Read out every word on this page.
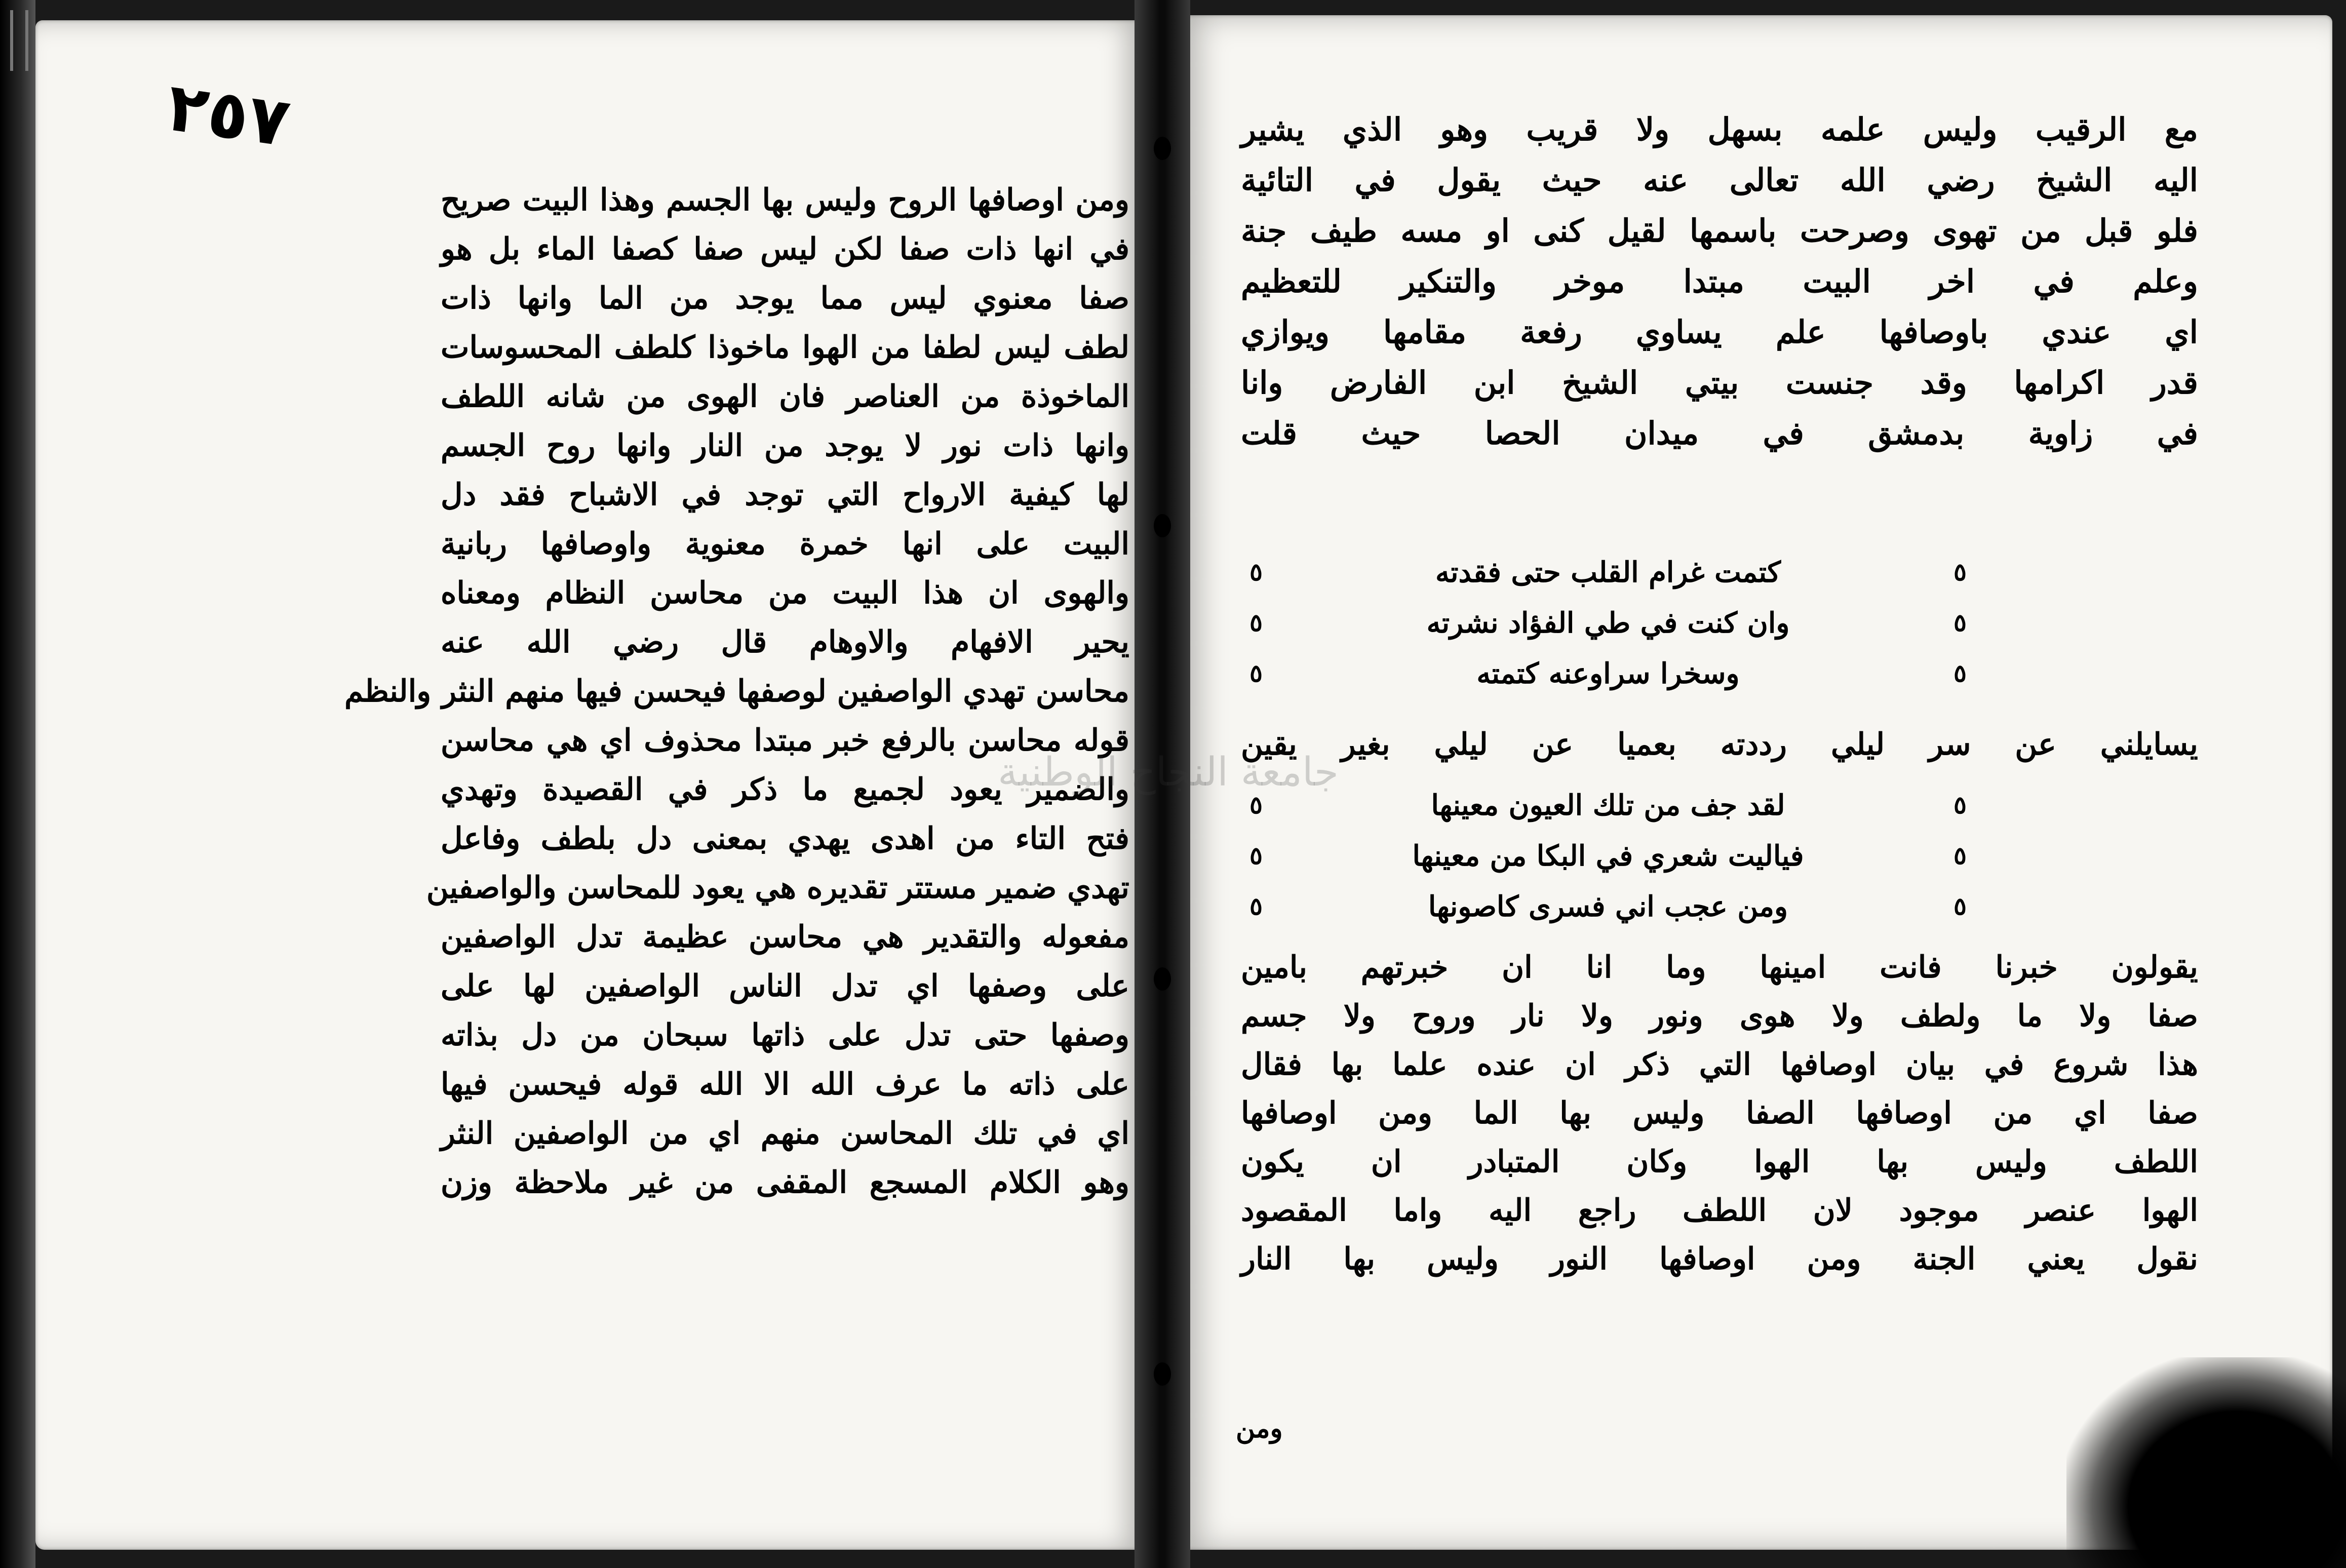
٢٥٧
ومن اوصافها الروح وليس بها الجسم وهذا البيت صريح
في انها ذات صفا لكن ليس صفا كصفا الماء بل هو
صفا معنوي ليس مما يوجد من الما وانها ذات
لطف ليس لطفا من الهوا ماخوذا كلطف المحسوسات
الماخوذة من العناصر فان الهوى من شانه اللطف
وانها ذات نور لا يوجد من النار وانها روح الجسم
لها كيفية الارواح التي توجد في الاشباح فقد دل
البيت على انها خمرة معنوية واوصافها ربانية
والهوى ان هذا البيت من محاسن النظام ومعناه
يحير الافهام والاوهام قال رضي الله عنه
محاسن تهدي الواصفين لوصفها فيحسن فيها منهم النثر والنظم
قوله محاسن بالرفع خبر مبتدا محذوف اي هي محاسن
والضمير يعود لجميع ما ذكر في القصيدة وتهدي
فتح التاء من اهدى يهدي بمعنى دل بلطف وفاعل
تهدي ضمير مستتر تقديره هي يعود للمحاسن والواصفين
مفعوله والتقدير هي محاسن عظيمة تدل الواصفين
على وصفها اي تدل الناس الواصفين لها على
وصفها حتى تدل على ذاتها سبحان من دل بذاته
على ذاته ما عرف الله الا الله قوله فيحسن فيها
اي في تلك المحاسن منهم اي من الواصفين النثر
وهو الكلام المسجع المقفى من غير ملاحظة وزن
مع الرقيب وليس علمه بسهل ولا قريب وهو الذي يشير
اليه الشيخ رضي الله تعالى عنه حيث يقول في التائية
فلو قبل من تهوى وصرحت باسمها لقيل كنى او مسه طيف جنة
وعلم في اخر البيت مبتدا موخر والتنكير للتعظيم
اي عندي باوصافها علم يساوي رفعة مقامها ويوازي
قدر اكرامها وقد جنست بيتي الشيخ ابن الفارض وانا
في زاوية بدمشق في ميدان الحصا حيث قلت
٥
كتمت غرام القلب حتى فقدته
٥
٥
وان كنت في طي الفؤاد نشرته
٥
٥
وسخرا سراوعنه كتمته
٥
يسايلني عن سر ليلي رددته بعميا عن ليلي بغير يقين
٥
لقد جف من تلك العيون معينها
٥
٥
فياليت شعري في البكا من معينها
٥
٥
ومن عجب اني فسرى كاصونها
٥
يقولون خبرنا فانت امينها وما انا ان خبرتهم بامين
صفا ولا ما ولطف ولا هوى ونور ولا نار وروح ولا جسم
هذا شروع في بيان اوصافها التي ذكر ان عنده علما بها فقال
صفا اي من اوصافها الصفا وليس بها الما ومن اوصافها
اللطف وليس بها الهوا وكان المتبادر ان يكون
الهوا عنصر موجود لان اللطف راجع اليه واما المقصود
نقول يعني الجنة ومن اوصافها النور وليس بها النار
ومن
جامعة النجاح الوطنية
